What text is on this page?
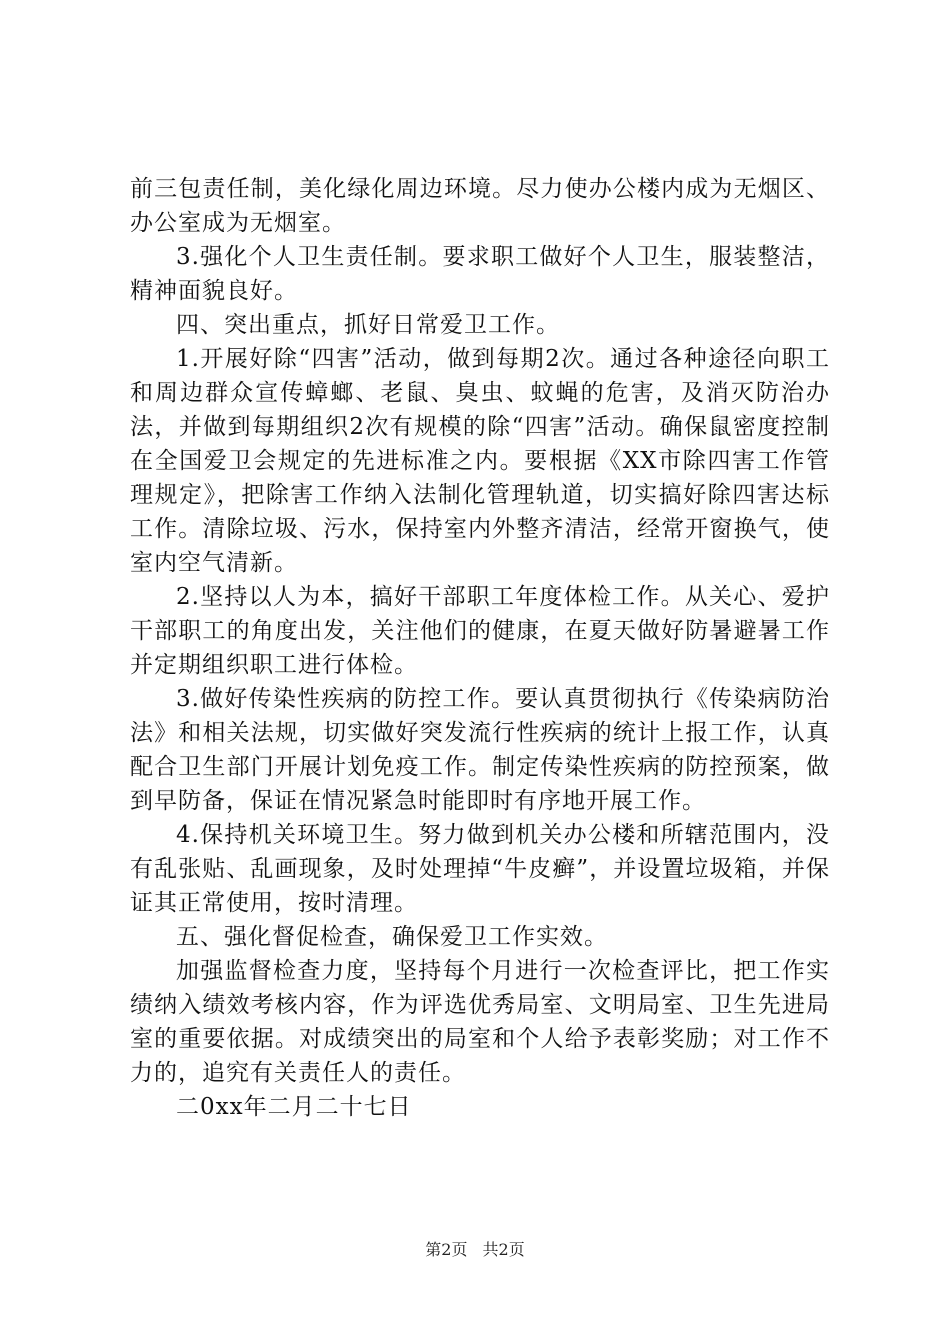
前三包责任制，美化绿化周边环境。尽力使办公楼内成为无烟区、办公室成为无烟室。

3.强化个人卫生责任制。要求职工做好个人卫生，服装整洁，精神面貌良好。

四、突出重点，抓好日常爱卫工作。

1.开展好除“四害”活动，做到每期2次。通过各种途径向职工和周边群众宣传蟑螂、老鼠、臭虫、蚊蝇的危害，及消灭防治办法，并做到每期组织2次有规模的除“四害”活动。确保鼠密度控制在全国爱卫会规定的先进标准之内。要根据《XX市除四害工作管理规定》，把除害工作纳入法制化管理轨道，切实搞好除四害达标工作。清除垃圾、污水，保持室内外整齐清洁，经常开窗换气，使室内空气清新。

2.坚持以人为本，搞好干部职工年度体检工作。从关心、爱护干部职工的角度出发，关注他们的健康，在夏天做好防暑避暑工作并定期组织职工进行体检。

3.做好传染性疾病的防控工作。要认真贯彻执行《传染病防治法》和相关法规，切实做好突发流行性疾病的统计上报工作，认真配合卫生部门开展计划免疫工作。制定传染性疾病的防控预案，做到早防备，保证在情况紧急时能即时有序地开展工作。

4.保持机关环境卫生。努力做到机关办公楼和所辖范围内，没有乱张贴、乱画现象，及时处理掉“牛皮癣”，并设置垃圾箱，并保证其正常使用，按时清理。

五、强化督促检查，确保爱卫工作实效。

加强监督检查力度，坚持每个月进行一次检查评比，把工作实绩纳入绩效考核内容，作为评选优秀局室、文明局室、卫生先进局室的重要依据。对成绩突出的局室和个人给予表彰奖励；对工作不力的，追究有关责任人的责任。

二0xx年二月二十七日

第2页 共2页
